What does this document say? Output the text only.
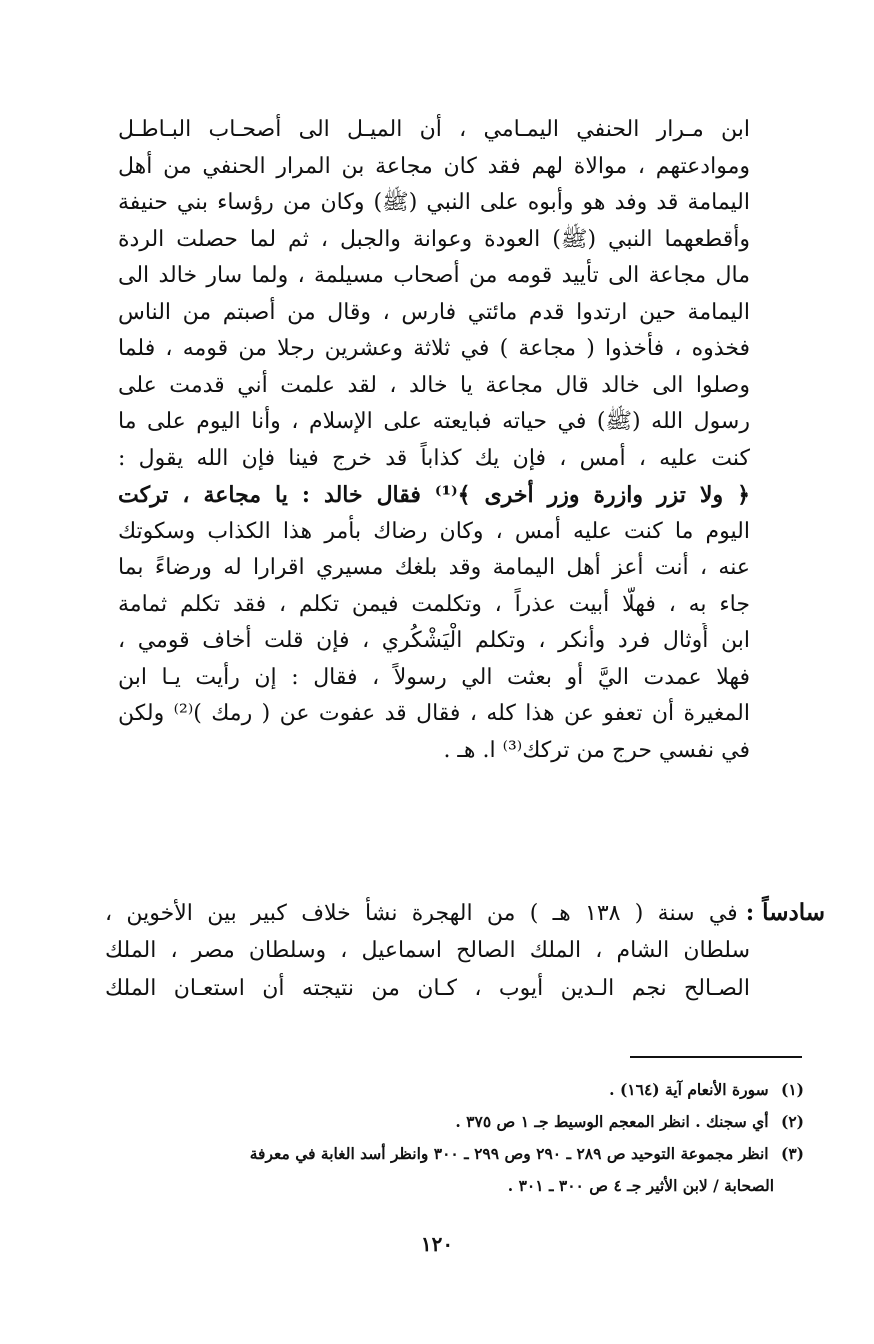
ابن مـرار الحنفي اليمـامي ، أن الميـل الى أصحـاب البـاطـل
وموادعتهم ، موالاة لهم فقد كان مجاعة بن المرار الحنفي من أهل
اليمامة قد وفد هو وأبوه على النبي (ﷺ) وكان من رؤساء بني حنيفة
وأقطعهما النبي (ﷺ) العودة وعوانة والجبل ، ثم لما حصلت الردة
مال مجاعة الى تأييد قومه من أصحاب مسيلمة ، ولما سار خالد الى
اليمامة حين ارتدوا قدم مائتي فارس ، وقال من أصبتم من الناس
فخذوه ، فأخذوا ( مجاعة ) في ثلاثة وعشرين رجلا من قومه ، فلما
وصلوا الى خالد قال مجاعة يا خالد ، لقد علمت أني قدمت على
رسول الله (ﷺ) في حياته فبايعته على الإسلام ، وأنا اليوم على ما
كنت عليه ، أمس ، فإن يك كذاباً قد خرج فينا فإن الله يقول :
﴿ ولا تزر وازرة وزر أخرى ﴾⁽¹⁾ فقال خالد : يا مجاعة ، تركت
اليوم ما كنت عليه أمس ، وكان رضاك بأمر هذا الكذاب وسكوتك
عنه ، أنت أعز أهل اليمامة وقد بلغك مسيري اقرارا له ورضاءً بما
جاء به ، فهلّا أبيت عذراً ، وتكلمت فيمن تكلم ، فقد تكلم ثمامة
ابن أُوثال فرد وأنكر ، وتكلم الْيَشْكُري ، فإن قلت أخاف قومي ،
فهلا عمدت اليَّ أو بعثت الي رسولاً ، فقال : إن رأيت يـا ابن
المغيرة أن تعفو عن هذا كله ، فقال قد عفوت عن ( رمك )⁽²⁾ ولكن
في نفسي حرج من تركك⁽³⁾ ا. هـ .
سادساً :
في سنة ( ١٣٨ هـ ) من الهجرة نشأ خلاف كبير بين الأخوين ،
سلطان الشام ، الملك الصالح اسماعيل ، وسلطان مصر ، الملك
الصـالح نجم الـدين أيوب ، كـان من نتيجته أن استعـان الملك
(١) سورة الأنعام آية (١٦٤) .
(٢) أي سجنك . انظر المعجم الوسيط جـ ١ ص ٣٧٥ .
(٣) انظر مجموعة التوحيد ص ٢٨٩ ـ ٢٩٠ وص ٢٩٩ ـ ٣٠٠ وانظر أسد الغابة في معرفة
الصحابة / لابن الأثير جـ ٤ ص ٣٠٠ ـ ٣٠١ .
١٢٠
